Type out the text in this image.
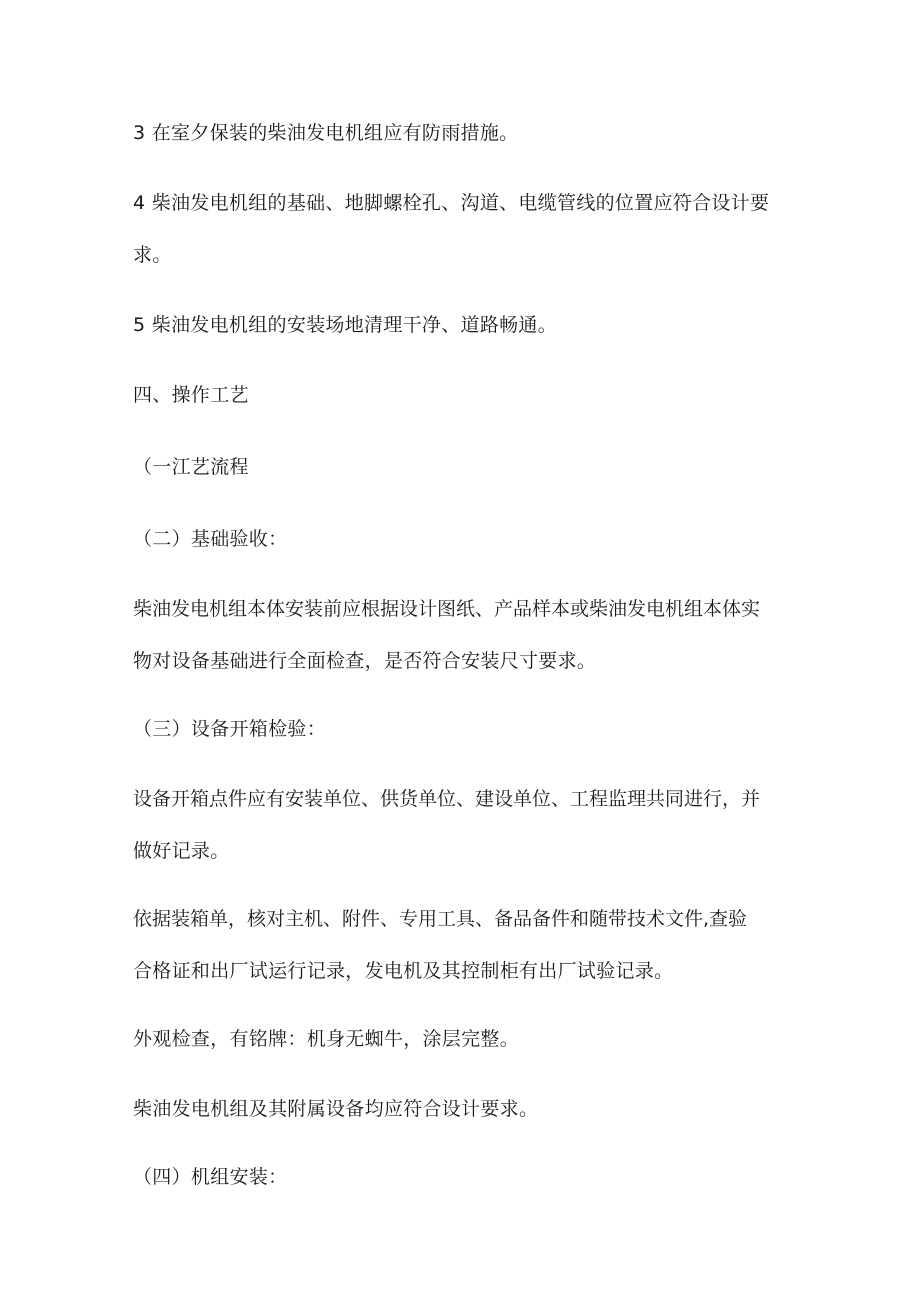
3 在室夕保装的柴油发电机组应有防雨措施。
4 柴油发电机组的基础、地脚螺栓孔、沟道、电缆管线的位置应符合设计要
求。
5 柴油发电机组的安装场地清理干净、道路畅通。
四、操作工艺
（一江艺流程
（二）基础验收：
柴油发电机组本体安装前应根据设计图纸、产品样本或柴油发电机组本体实
物对设备基础进行全面检查，是否符合安装尺寸要求。
（三）设备开箱检验：
设备开箱点件应有安装单位、供货单位、建设单位、工程监理共同进行，并
做好记录。
依据装箱单，核对主机、附件、专用工具、备品备件和随带技术文件,查验
合格证和出厂试运行记录，发电机及其控制柜有出厂试验记录。
外观检查，有铭牌：机身无蜘牛，涂层完整。
柴油发电机组及其附属设备均应符合设计要求。
（四）机组安装：
